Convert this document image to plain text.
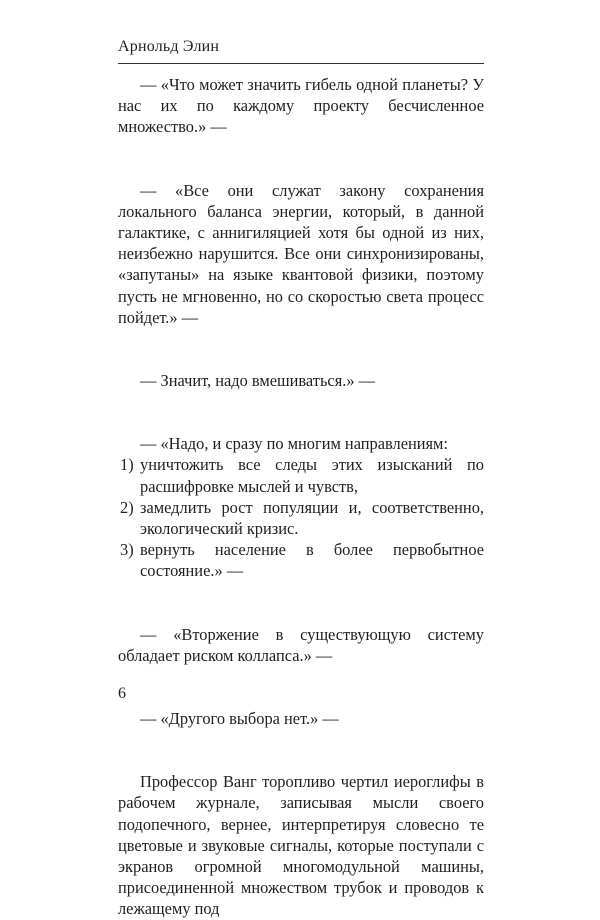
Арнольд Элин

— «Что может значить гибель одной планеты? У нас их по каждому проекту бесчисленное множество.» —

— «Все они служат закону сохранения локального баланса энергии, который, в данной галактике, с аннигиляцией хотя бы одной из них, неизбежно нарушится. Все они синхронизированы, «запутаны» на языке квантовой физики, поэтому пусть не мгновенно, но со скоростью света процесс пойдет.» —

— Значит, надо вмешиваться.» —

— «Надо, и сразу по многим направлениям:

1) уничтожить все следы этих изысканий по расшифровке мыслей и чувств,
2) замедлить рост популяции и, соответственно, экологический кризис.
3) вернуть население в более первобытное состояние.» —

— «Вторжение в существующую систему обладает риском коллапса.» —

— «Другого выбора нет.» —

Профессор Ванг торопливо чертил иероглифы в рабочем журнале, записывая мысли своего подопечного, вернее, интерпретируя словесно те цветовые и звуковые сигналы, которые поступали с экранов огромной многомодульной машины, присоединенной множеством трубок и проводов к лежащему под

6
